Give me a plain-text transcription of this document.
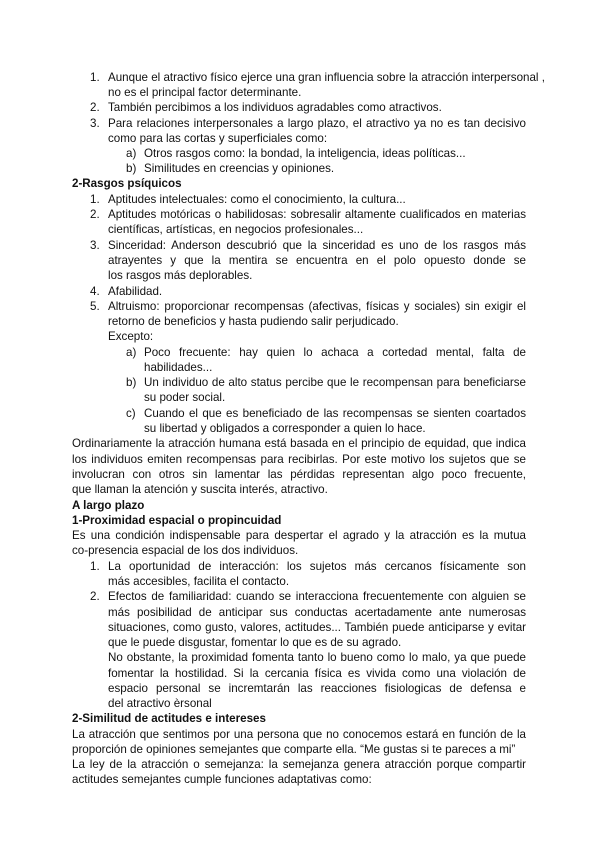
1. Aunque el atractivo físico ejerce una gran influencia sobre la atracción interpersonal ,
no es el principal factor determinante.
2. También percibimos a los individuos agradables como atractivos.
3. Para relaciones interpersonales a largo plazo, el atractivo ya no es tan decisivo
como para las cortas y superficiales como:
a) Otros rasgos como: la bondad, la inteligencia, ideas políticas...
b) Similitudes en creencias y opiniones.
2-Rasgos psíquicos
1. Aptitudes intelectuales: como el conocimiento, la cultura...
2. Aptitudes motóricas o habilidosas: sobresalir altamente cualificados en materias
científicas, artísticas, en negocios profesionales...
3. Sinceridad: Anderson descubrió que la sinceridad es uno de los rasgos más
atrayentes y que la mentira se encuentra en el polo opuesto donde se
los rasgos más deplorables.
4. Afabilidad.
5. Altruismo: proporcionar recompensas (afectivas, físicas y sociales) sin exigir el
retorno de beneficios y hasta pudiendo salir perjudicado.
Excepto:
a) Poco frecuente: hay quien lo achaca a cortedad mental, falta de
habilidades...
b) Un individuo de alto status percibe que le recompensan para beneficiarse
su poder social.
c) Cuando el que es beneficiado de las recompensas se sienten coartados
su libertad y obligados a corresponder a quien lo hace.
Ordinariamente la atracción humana está basada en el principio de equidad, que indica
los individuos emiten recompensas para recibirlas. Por este motivo los sujetos que se
involucran con otros sin lamentar las pérdidas representan algo poco frecuente,
que llaman la atención y suscita interés, atractivo.
A largo plazo
1-Proximidad espacial o propincuidad
Es una condición indispensable para despertar el agrado y la atracción es la mutua
co-presencia espacial de los dos individuos.
1. La oportunidad de interacción: los sujetos más cercanos físicamente son
más accesibles, facilita el contacto.
2. Efectos de familiaridad: cuando se interacciona frecuentemente con alguien se
más posibilidad de anticipar sus conductas acertadamente ante numerosas
situaciones, como gusto, valores, actitudes... También puede anticiparse y evitar
que le puede disgustar, fomentar lo que es de su agrado.
No obstante, la proximidad fomenta tanto lo bueno como lo malo, ya que puede
fomentar la hostilidad. Si la cercania física es vivida como una violación de
espacio personal se incremtarán las reacciones fisiologicas de defensa e
del atractivo èrsonal
2-Similitud de actitudes e intereses
La atracción que sentimos por una persona que no conocemos estará en función de la
proporción de opiniones semejantes que comparte ella. “Me gustas si te pareces a mi”
La ley de la atracción o semejanza: la semejanza genera atracción porque compartir
actitudes semejantes cumple funciones adaptativas como:
